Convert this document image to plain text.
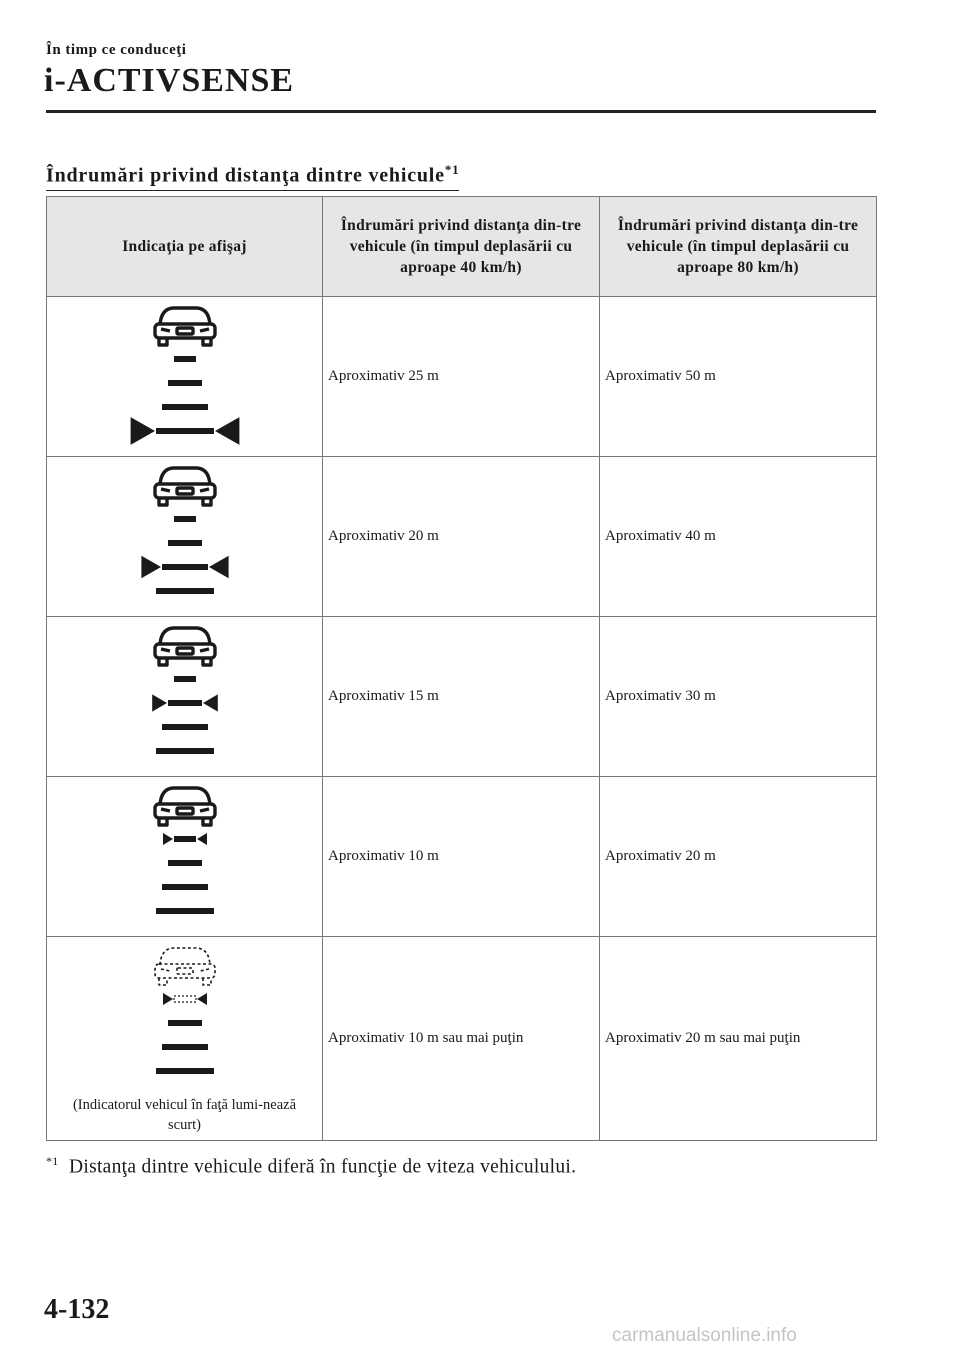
În timp ce conduceţi
i-ACTIVSENSE
Îndrumări privind distanţa dintre vehicule$^{*1}$
Indicaţia pe afişaj	Îndrumări privind distanţa din-tre vehicule (în timpul deplasării cu aproape 40 km/h)	Îndrumări privind distanţa din-tre vehicule (în timpul deplasării cu aproape 80 km/h)

	Aproximativ 25 m	Aproximativ 50 m

	Aproximativ 20 m	Aproximativ 40 m

	Aproximativ 15 m	Aproximativ 30 m

	Aproximativ 10 m	Aproximativ 20 m

(Indicatorul vehicul în faţă lumi-nează scurt)	Aproximativ 10 m sau mai puţin	Aproximativ 20 m sau mai puţin
$^{*1}$ Distanţa dintre vehicule diferă în funcţie de viteza vehiculului.
4-132
carmanualsonline.info
